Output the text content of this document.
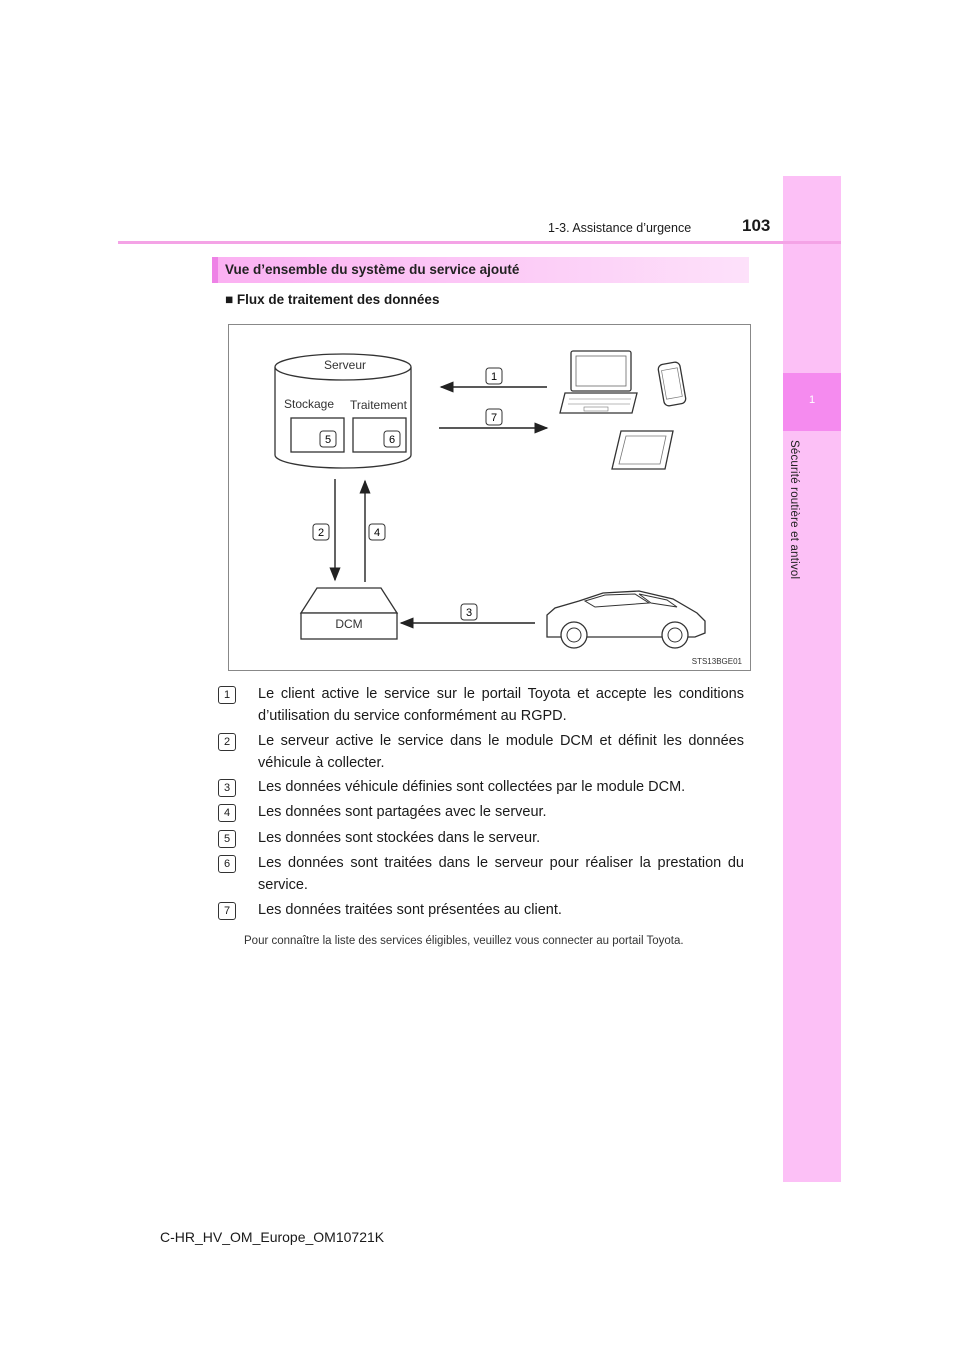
1
Sécurité routière et antivol
1-3. Assistance d’urgence	103
Vue d’ensemble du système du service ajouté
■ Flux de traitement des données
Serveur
Stockage Traitement
5	6
1
7
2	4
DCM
3
STS13BGE01
1	Le client active le service sur le portail Toyota et accepte les conditions d’utilisation du service conformément au RGPD.
2	Le serveur active le service dans le module DCM et définit les données véhicule à collecter.
3	Les données véhicule définies sont collectées par le module DCM.
4	Les données sont partagées avec le serveur.
5	Les données sont stockées dans le serveur.
6	Les données sont traitées dans le serveur pour réaliser la prestation du service.
7	Les données traitées sont présentées au client.
Pour connaître la liste des services éligibles, veuillez vous connecter au portail Toyota.
C-HR_HV_OM_Europe_OM10721K
